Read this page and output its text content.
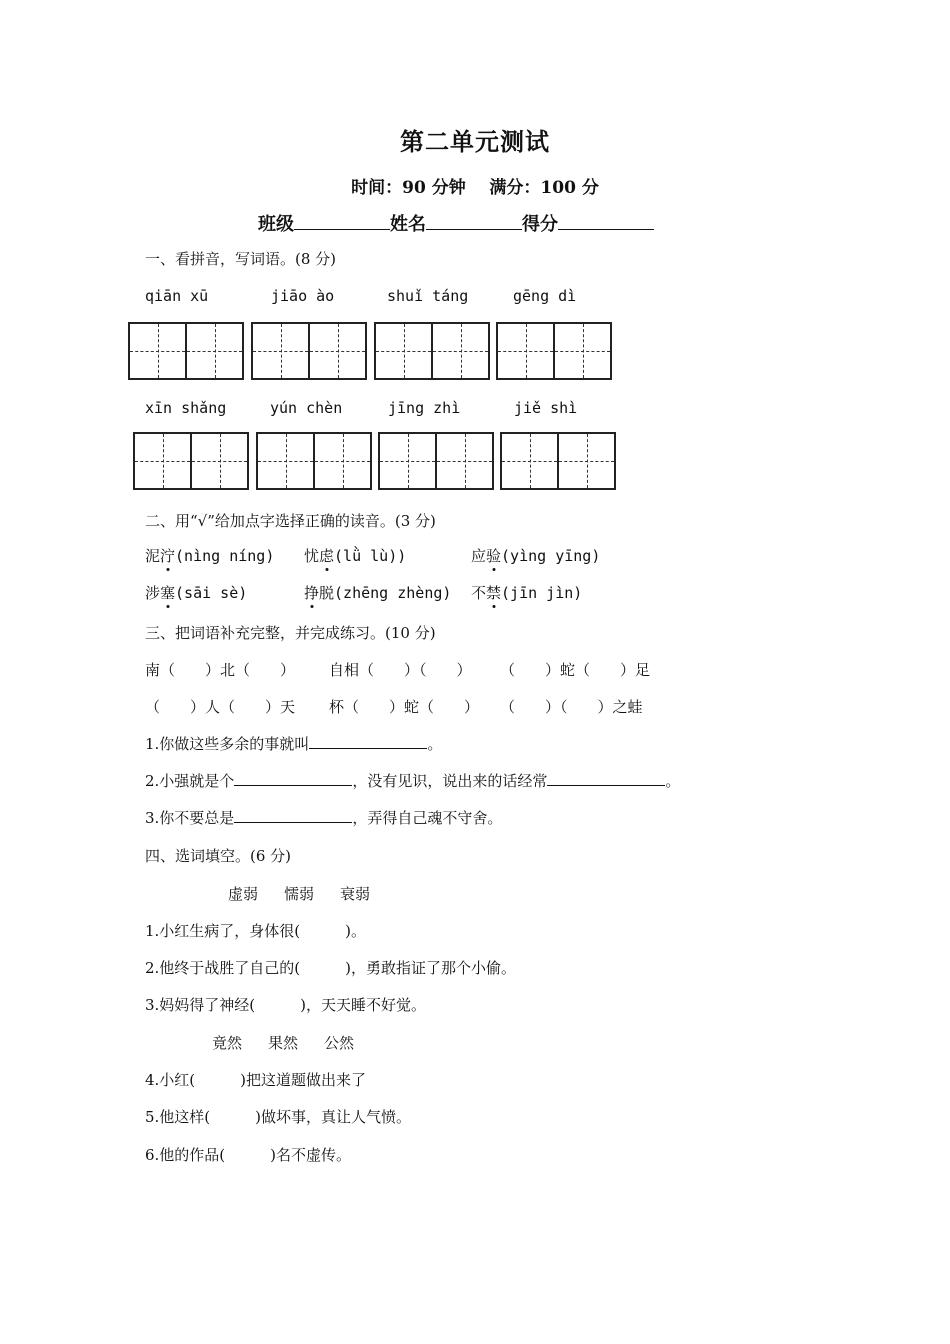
第二单元测试
时间：90 分钟 满分：100 分
班级	姓名	得分
一、看拼音，写词语。(8 分)
qiān xū	jiāo ào	shuǐ táng	gēng dì
xīn shǎng	yún chèn	jīng zhì	jiě shì
二、用“√”给加点字选择正确的读音。(3 分)
泥泞(nìng níng) 忧虑(lǜ lù))	应验(yìng yīng)
涉塞(sāi sè)	挣脱(zhēng zhèng) 不禁(jīn jìn)
三、把词语补充完整，并完成练习。(10 分)
南（　　）北（　　） 自相（　　）（　　） （　　）蛇（　　）足
（　　）人（　　）天 杯（　　）蛇（　　） （　　）（　　）之蛙
1.你做这些多余的事就叫	。
2.小强就是个	，没有见识，说出来的话经常	。
3.你不要总是	，弄得自己魂不守舍。
四、选词填空。(6 分)
虚弱 懦弱 衰弱
1.小红生病了，身体很(　　　)。
2.他终于战胜了自己的(　　　)，勇敢指证了那个小偷。
3.妈妈得了神经(　　　)，天天睡不好觉。
竟然 果然 公然
4.小红(　　　)把这道题做出来了
5.他这样(　　　)做坏事，真让人气愤。
6.他的作品(　　　)名不虚传。
